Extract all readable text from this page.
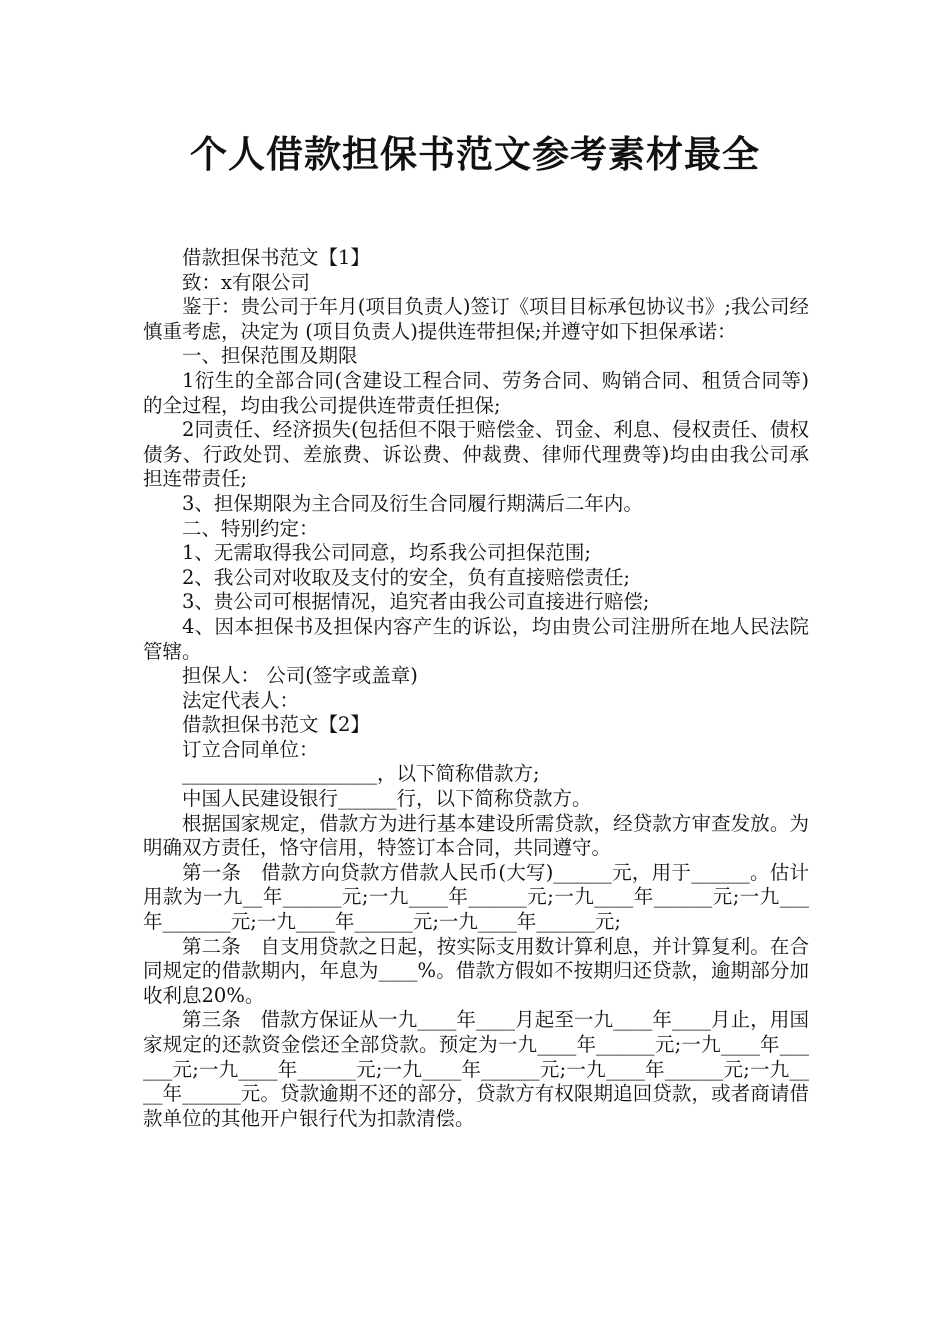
个人借款担保书范文参考素材最全

借款担保书范文【1】

致：x有限公司

鉴于：贵公司于年月(项目负责人)签订《项目目标承包协议书》;我公司经慎重考虑，决定为 (项目负责人)提供连带担保;并遵守如下担保承诺：

一、担保范围及期限

1衍生的全部合同(含建设工程合同、劳务合同、购销合同、租赁合同等)的全过程，均由我公司提供连带责任担保;

2同责任、经济损失(包括但不限于赔偿金、罚金、利息、侵权责任、债权债务、行政处罚、差旅费、诉讼费、仲裁费、律师代理费等)均由由我公司承担连带责任;

3、担保期限为主合同及衍生合同履行期满后二年内。

二、特别约定：

1、无需取得我公司同意，均系我公司担保范围;

2、我公司对收取及支付的安全，负有直接赔偿责任;

3、贵公司可根据情况，追究者由我公司直接进行赔偿;

4、因本担保书及担保内容产生的诉讼，均由贵公司注册所在地人民法院管辖。

担保人： 公司(签字或盖章)

法定代表人：

借款担保书范文【2】

订立合同单位：

____________________，以下简称借款方;

中国人民建设银行______行，以下简称贷款方。

根据国家规定，借款方为进行基本建设所需贷款，经贷款方审查发放。为明确双方责任，恪守信用，特签订本合同，共同遵守。

第一条　借款方向贷款方借款人民币(大写)______元，用于______。估计用款为一九__年______元;一九____年______元;一九____年______元;一九___年_______元;一九____年______元;一九____年______元;

第二条　自支用贷款之日起，按实际支用数计算利息，并计算复利。在合同规定的借款期内，年息为____%。借款方假如不按期归还贷款，逾期部分加收利息20%。

第三条　借款方保证从一九____年____月起至一九____年____月止，用国家规定的还款资金偿还全部贷款。预定为一九____年______元;一九____年______元;一九____年______元;一九____年______元;一九____年______元;一九____年______元。贷款逾期不还的部分，贷款方有权限期追回贷款，或者商请借款单位的其他开户银行代为扣款清偿。
